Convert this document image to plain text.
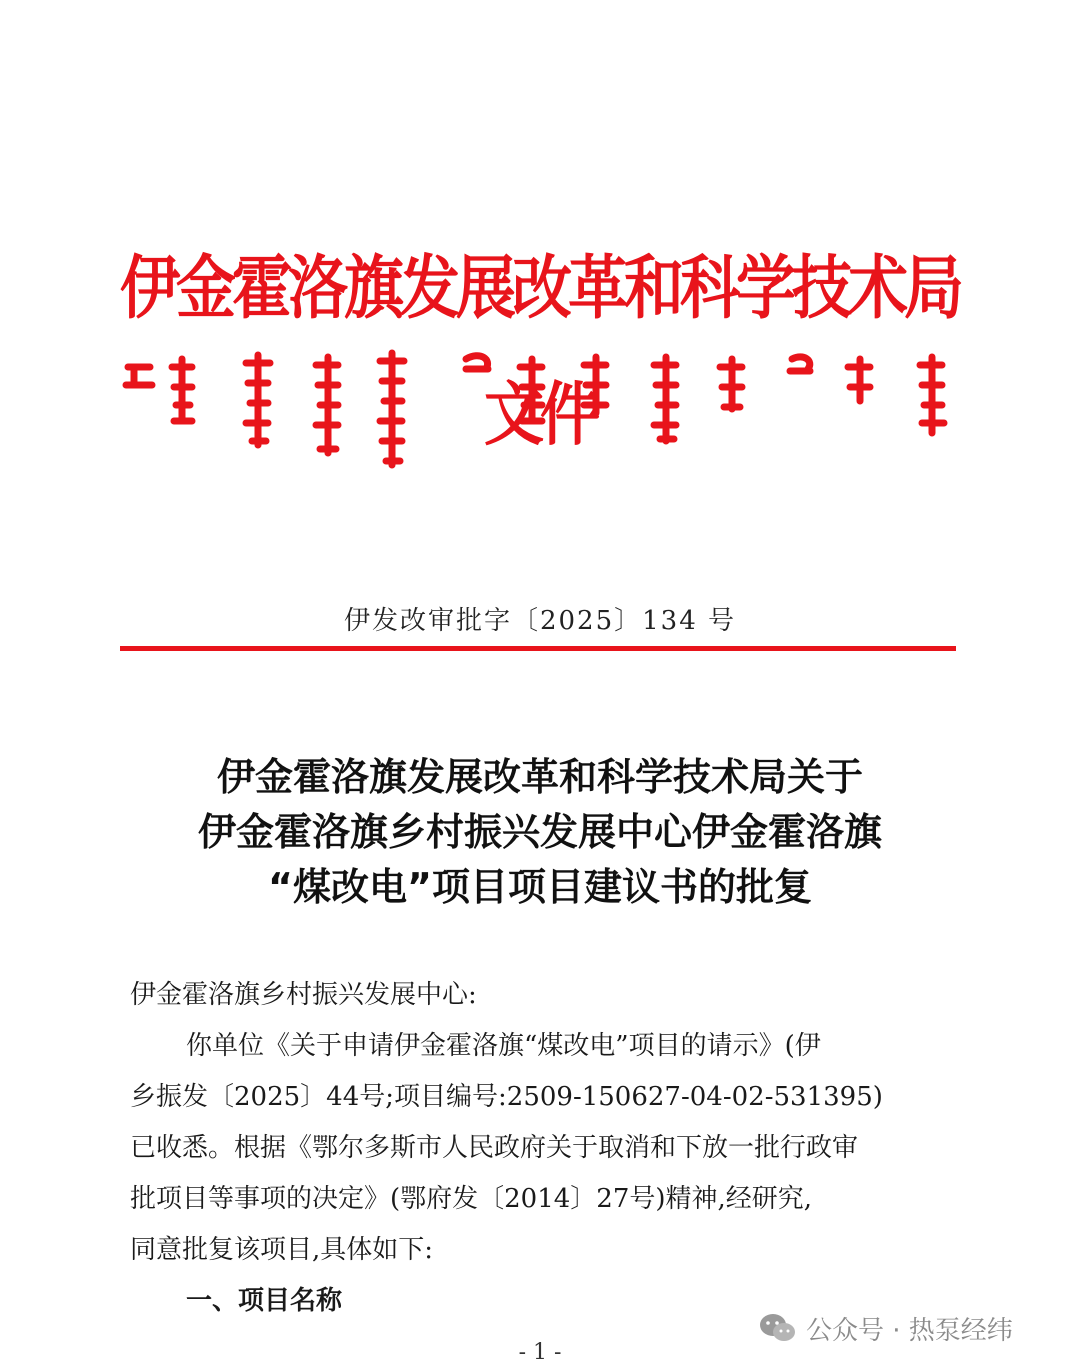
伊金霍洛旗发展改革和科学技术局文件
伊发改审批字〔2025〕134 号
伊金霍洛旗发展改革和科学技术局关于
伊金霍洛旗乡村振兴发展中心伊金霍洛旗
“煤改电”项目项目建议书的批复
伊金霍洛旗乡村振兴发展中心:
你单位《关于申请伊金霍洛旗“煤改电”项目的请示》(伊
乡振发〔2025〕44号;项目编号:2509-150627-04-02-531395)
已收悉。根据《鄂尔多斯市人民政府关于取消和下放一批行政审
批项目等事项的决定》(鄂府发〔2014〕27号)精神,经研究,
同意批复该项目,具体如下:
一、项目名称
公众号 · 热泵经纬
- 1 -
